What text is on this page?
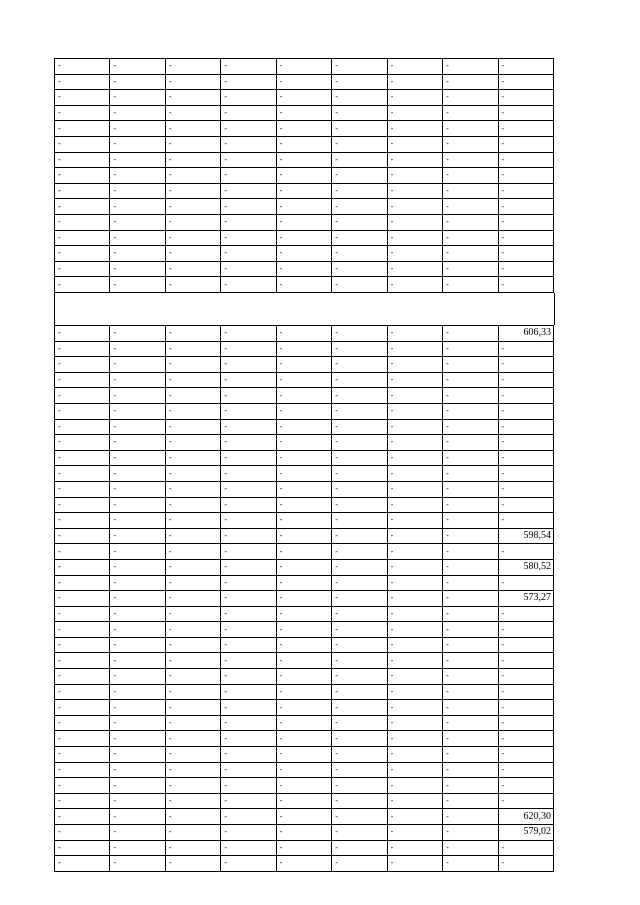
-	-	-	-	-	-	-	-	-
-	-	-	-	-	-	-	-	-
-	-	-	-	-	-	-	-	-
-	-	-	-	-	-	-	-	-
-	-	-	-	-	-	-	-	-
-	-	-	-	-	-	-	-	-
-	-	-	-	-	-	-	-	-
-	-	-	-	-	-	-	-	-
-	-	-	-	-	-	-	-	-
-	-	-	-	-	-	-	-	-
-	-	-	-	-	-	-	-	-
-	-	-	-	-	-	-	-	-
-	-	-	-	-	-	-	-	-
-	-	-	-	-	-	-	-	-
-	-	-	-	-	-	-	-	-
-	-	-	-	-	-	-	-	606,33
-	-	-	-	-	-	-	-	-
-	-	-	-	-	-	-	-	-
-	-	-	-	-	-	-	-	-
-	-	-	-	-	-	-	-	-
-	-	-	-	-	-	-	-	-
-	-	-	-	-	-	-	-	-
-	-	-	-	-	-	-	-	-
-	-	-	-	-	-	-	-	-
-	-	-	-	-	-	-	-	-
-	-	-	-	-	-	-	-	-
-	-	-	-	-	-	-	-	-
-	-	-	-	-	-	-	-	-
-	-	-	-	-	-	-	-	598,54
-	-	-	-	-	-	-	-	-
-	-	-	-	-	-	-	-	580,52
-	-	-	-	-	-	-	-	-
-	-	-	-	-	-	-	-	573,27
-	-	-	-	-	-	-	-	-
-	-	-	-	-	-	-	-	-
-	-	-	-	-	-	-	-	-
-	-	-	-	-	-	-	-	-
-	-	-	-	-	-	-	-	-
-	-	-	-	-	-	-	-	-
-	-	-	-	-	-	-	-	-
-	-	-	-	-	-	-	-	-
-	-	-	-	-	-	-	-	-
-	-	-	-	-	-	-	-	-
-	-	-	-	-	-	-	-	-
-	-	-	-	-	-	-	-	-
-	-	-	-	-	-	-	-	-
-	-	-	-	-	-	-	-	620,30
-	-	-	-	-	-	-	-	579,02
-	-	-	-	-	-	-	-	-
-	-	-	-	-	-	-	-	-
